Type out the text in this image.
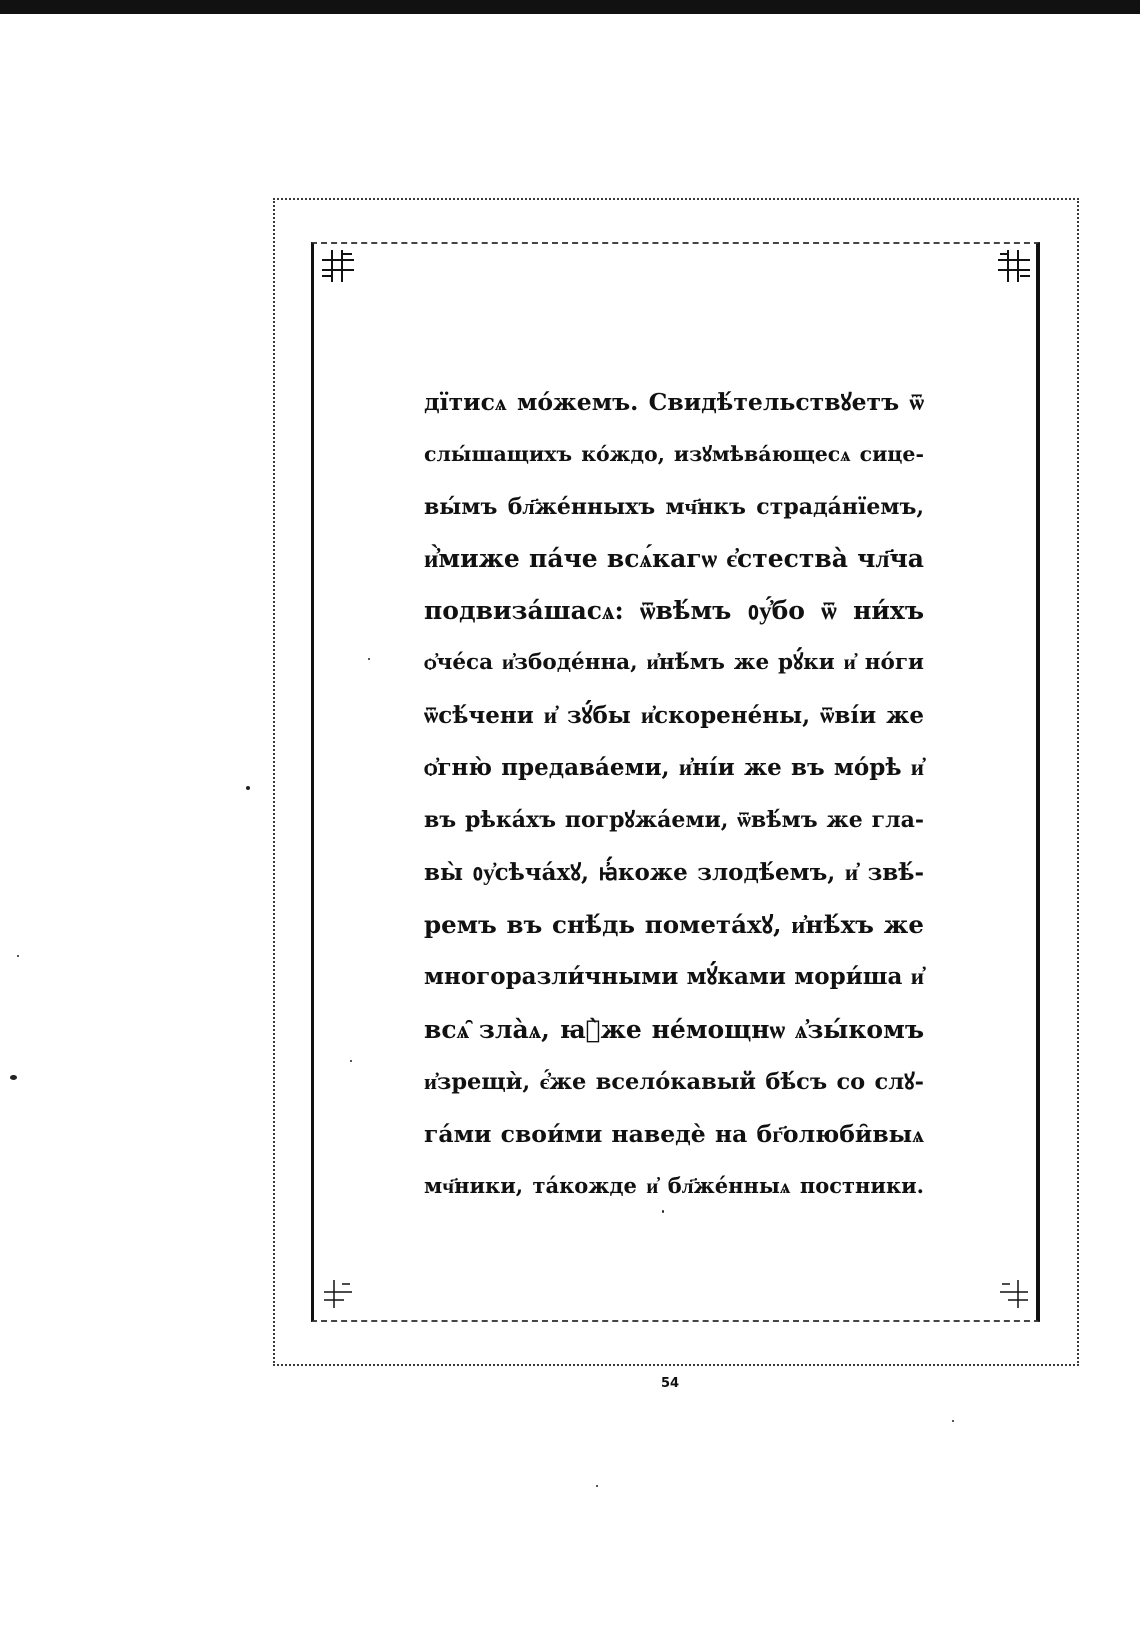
дїтисѧ мо́жемъ. Свидѣ́тельствꙋетъ ѿ
слы́шащихъ ко́ждо, изꙋмѣва́ющесѧ сице-
вы́мъ бл҃же́нныхъ мч҃нкъ страда́нїемъ,
и҆̀миже па́че всѧ́кагѡ є҆стества̀ чл҃ча
подвиза́шасѧ: ѿвѣ́мъ ᲂу҆́бо ѿ ни́хъ
ѻ҆че́са и҆збоде́нна, и҆нѣ́мъ же рꙋ́ки и҆ но́ги
ѿсѣ́чени и҆ зꙋ́бы и҆скорене́ны, ѿві́и же
ѻ҆гню̀ предава́еми, и҆ні́и же въ мо́рѣ и҆
въ рѣка́хъ погрꙋжа́еми, ѿвѣ́мъ же гла-
вы̀ ᲂу҆сѣча́хꙋ, ꙗ҆́коже злодѣ́емъ, и҆ звѣ́-
ремъ въ снѣ́дь помета́хꙋ, и҆нѣ́хъ же
многоразли́чными мꙋ́ками мори́ша и҆
всѧ̑ зла̀ѧ, ꙗ҆̀же не́мощнѡ ѧ҆зы́комъ
и҆зрещѝ, є҆́же всело́кавый бѣ́съ со слꙋ-
га́ми свои́ми наведѐ на бг҃олюби̑выѧ
мч҃ники, та́кожде и҆ бл҃же́нныѧ постники.
54
